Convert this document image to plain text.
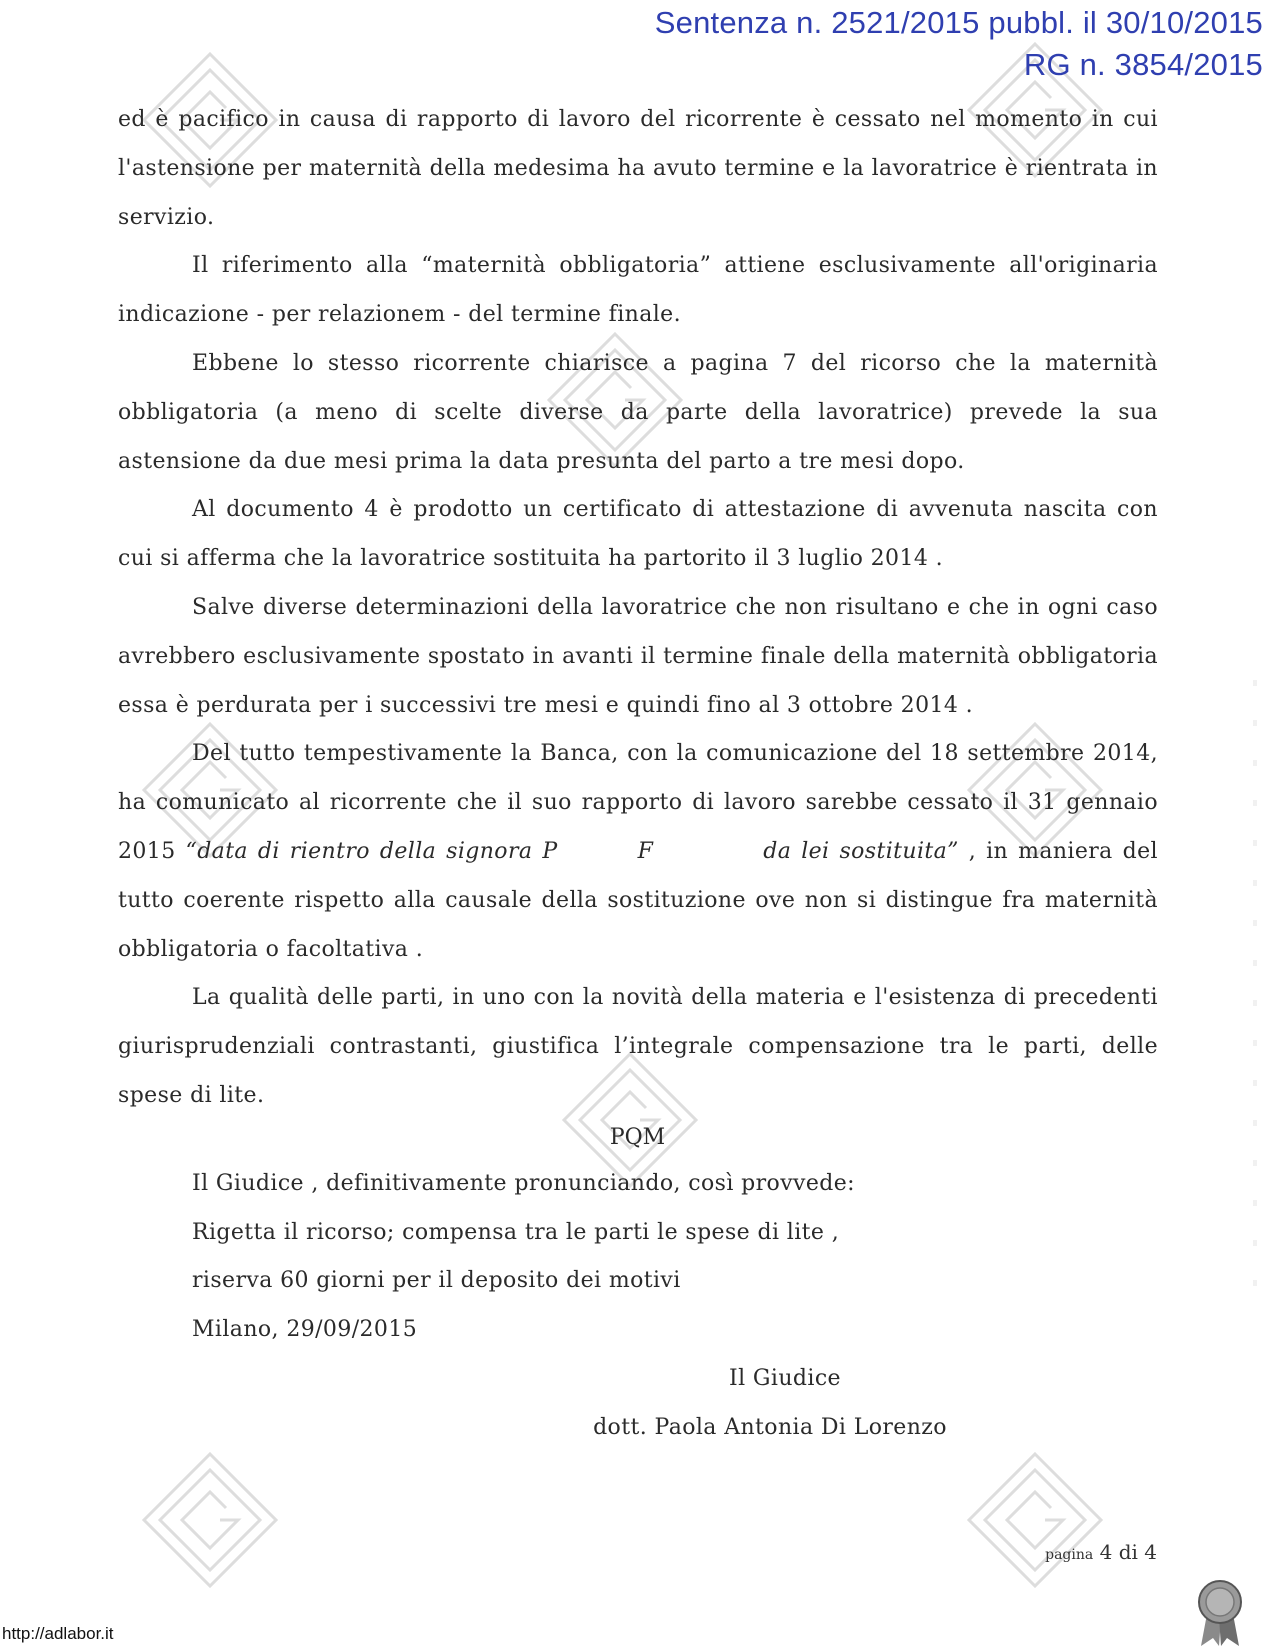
Sentenza n. 2521/2015 pubbl. il 30/10/2015
RG n. 3854/2015

ed è pacifico in causa di rapporto di lavoro del ricorrente è cessato nel momento in cui l'astensione per maternità della medesima ha avuto termine e la lavoratrice è rientrata in servizio.

Il riferimento alla “maternità obbligatoria” attiene esclusivamente all'originaria indicazione - per relazionem - del termine finale.

Ebbene lo stesso ricorrente chiarisce a pagina 7 del ricorso che la maternità obbligatoria (a meno di scelte diverse da parte della lavoratrice) prevede la sua astensione da due mesi prima la data presunta del parto a tre mesi dopo.

Al documento 4 è prodotto un certificato di attestazione di avvenuta nascita con cui si afferma che la lavoratrice sostituita ha partorito il 3 luglio 2014 .

Salve diverse determinazioni della lavoratrice che non risultano e che in ogni caso avrebbero esclusivamente spostato in avanti il termine finale della maternità obbligatoria essa è perdurata per i successivi tre mesi e quindi fino al 3 ottobre 2014 .

Del tutto tempestivamente la Banca, con la comunicazione del 18 settembre 2014, ha comunicato al ricorrente che il suo rapporto di lavoro sarebbe cessato il 31 gennaio 2015 “data di rientro della signora P	F	da lei sostituita” , in maniera del tutto coerente rispetto alla causale della sostituzione ove non si distingue fra maternità obbligatoria o facoltativa .

La qualità delle parti, in uno con la novità della materia e l'esistenza di precedenti giurisprudenziali contrastanti, giustifica l’integrale compensazione tra le parti, delle spese di lite.

PQM
Il Giudice , definitivamente pronunciando, così provvede:
Rigetta il ricorso; compensa tra le parti le spese di lite ,
riserva 60 giorni per il deposito dei motivi
Milano, 29/09/2015
Il Giudice
dott. Paola Antonia Di Lorenzo
pagina 4 di 4
http://adlabor.it
